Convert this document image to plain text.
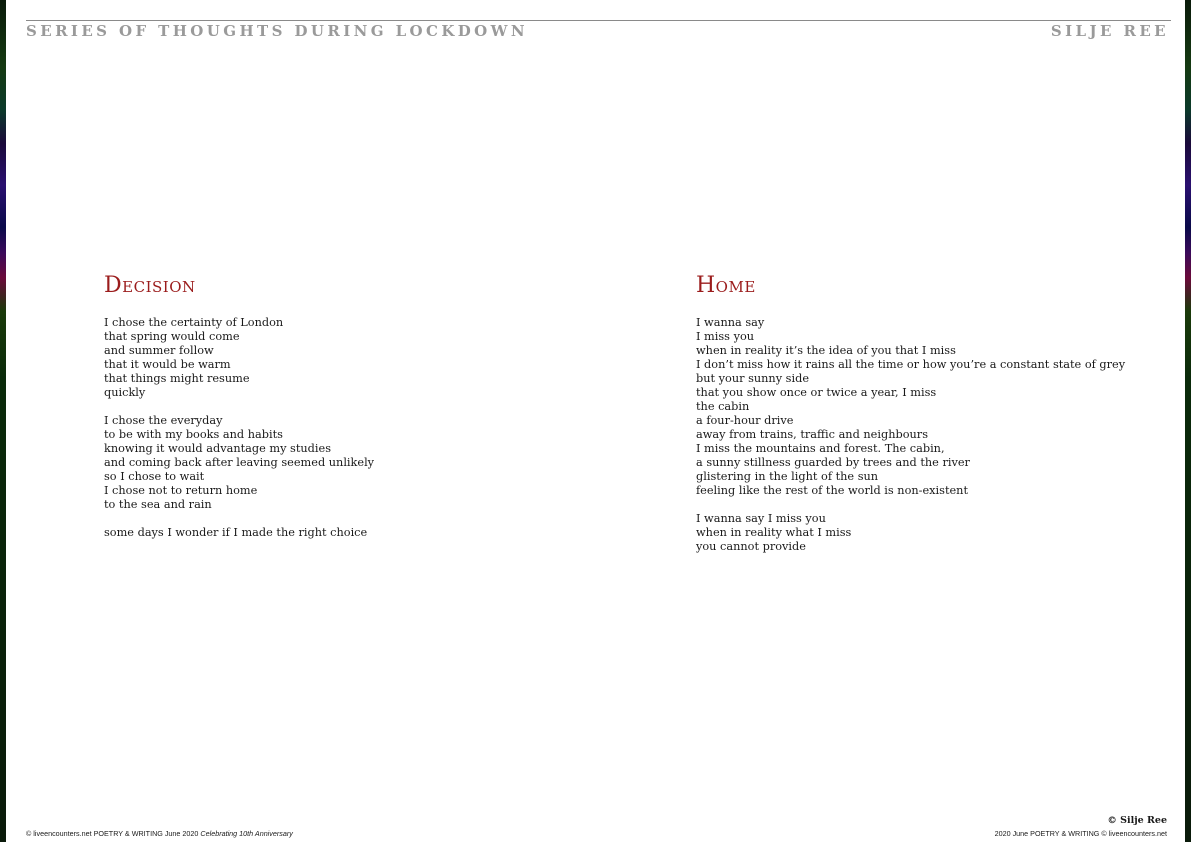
SERIES OF THOUGHTS DURING LOCKDOWN	SILJE REE
Decision
I chose the certainty of London
that spring would come
and summer follow
that it would be warm
that things might resume
quickly
I chose the everyday
to be with my books and habits
knowing it would advantage my studies
and coming back after leaving seemed unlikely
so I chose to wait
I chose not to return home
to the sea and rain
some days I wonder if I made the right choice
Home
I wanna say
I miss you
when in reality it’s the idea of you that I miss
I don’t miss how it rains all the time or how you’re a constant state of grey
but your sunny side
that you show once or twice a year, I miss
the cabin
a four-hour drive
away from trains, traffic and neighbours
I miss the mountains and forest. The cabin,
a sunny stillness guarded by trees and the river
glistering in the light of the sun
feeling like the rest of the world is non-existent
I wanna say I miss you
when in reality what I miss
you cannot provide
© Silje Ree
© liveencounters.net POETRY & WRITING June 2020 Celebrating 10th Anniversary	2020 June POETRY & WRITING © liveencounters.net
